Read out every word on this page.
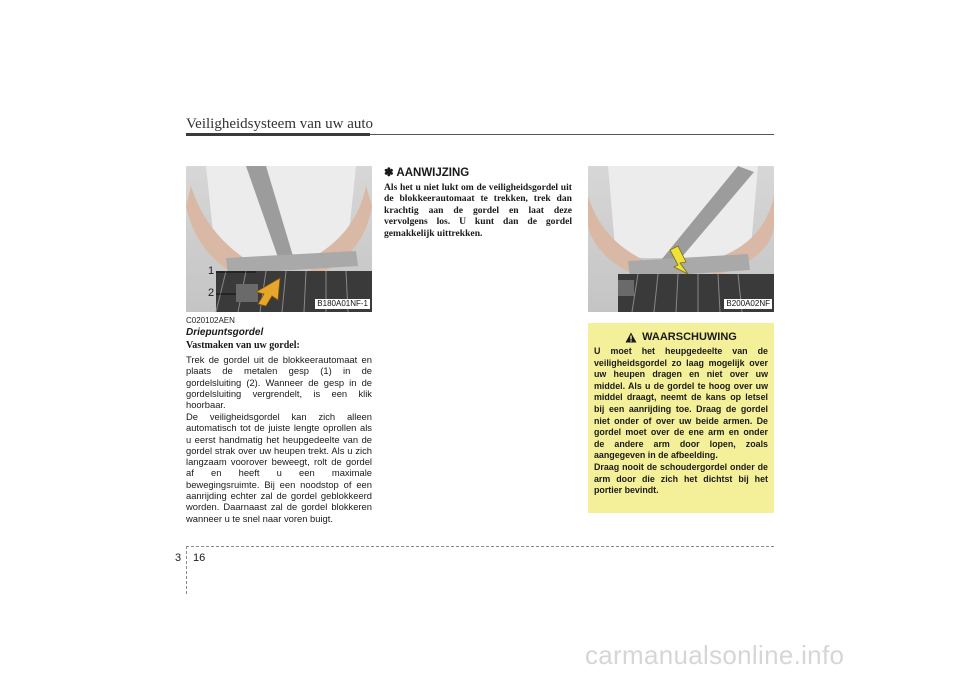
Veiligheidsysteem van uw auto
1
2
B180A01NF-1
C020102AEN
Driepuntsgordel
Vastmaken van uw gordel:

Trek de gordel uit de blokkeerautomaat en plaats de metalen gesp (1) in de gordelsluiting (2). Wanneer de gesp in de gordelsluiting vergrendelt, is een klik hoorbaar.

De veiligheidsgordel kan zich alleen automatisch tot de juiste lengte oprollen als u eerst handmatig het heupgedeelte van de gordel strak over uw heupen trekt. Als u zich langzaam voorover beweegt, rolt de gordel af en heeft u een maximale bewegingsruimte. Bij een noodstop of een aanrijding echter zal de gordel geblokkeerd worden. Daarnaast zal de gordel blokkeren wanneer u te snel naar voren buigt.

✽ AANWIJZING

Als het u niet lukt om de veiligheidsgordel uit de blokkeerautomaat te trekken, trek dan krachtig aan de gordel en laat deze vervolgens los. U kunt dan de gordel gemakkelijk uittrekken.

B200A02NF
WAARSCHUWING

U moet het heupgedeelte van de veiligheidsgordel zo laag mogelijk over uw heupen dragen en niet over uw middel. Als u de gordel te hoog over uw middel draagt, neemt de kans op letsel bij een aanrijding toe. Draag de gordel niet onder of over uw beide armen. De gordel moet over de ene arm en onder de andere arm door lopen, zoals aangegeven in de afbeelding.

Draag nooit de schoudergordel onder de arm door die zich het dichtst bij het portier bevindt.

3 16
carmanualsonline.info
